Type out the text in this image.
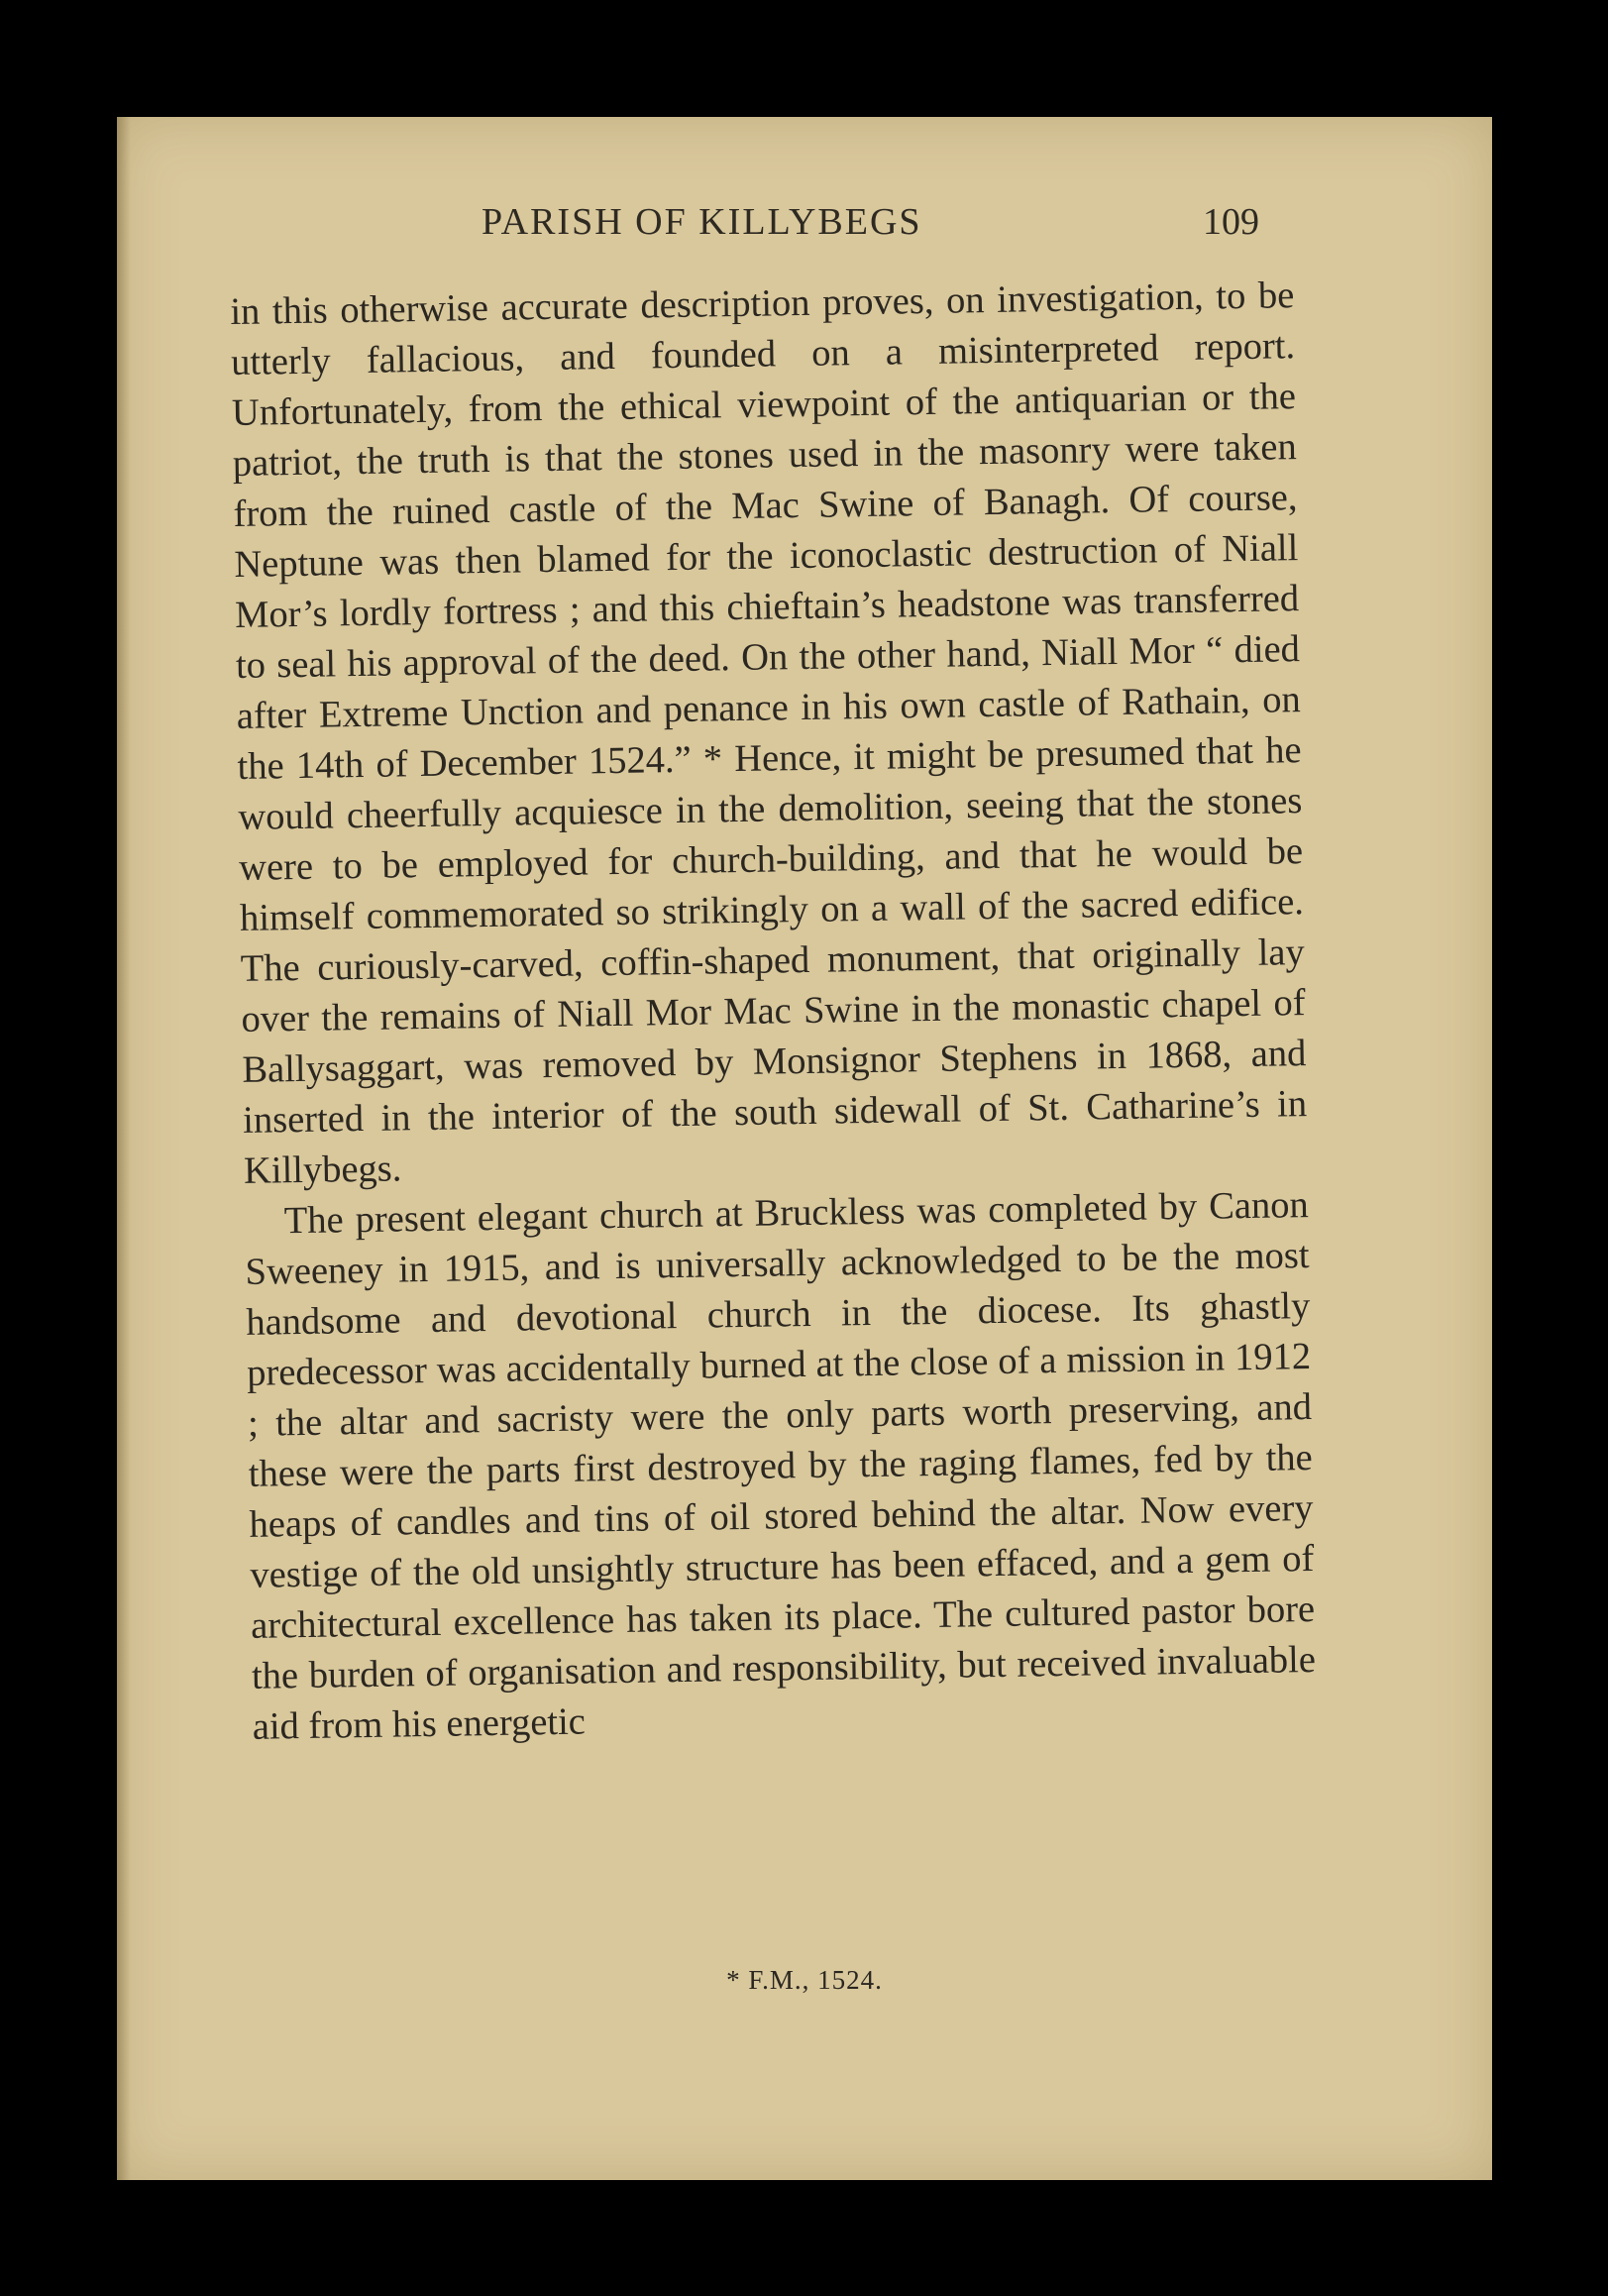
PARISH OF KILLYBEGS	109

in this otherwise accurate description proves, on investigation, to be utterly fallacious, and founded on a misinterpreted report. Unfortunately, from the ethical viewpoint of the antiquarian or the patriot, the truth is that the stones used in the masonry were taken from the ruined castle of the Mac Swine of Banagh. Of course, Neptune was then blamed for the iconoclastic destruction of Niall Mor’s lordly fortress ; and this chieftain’s headstone was transferred to seal his approval of the deed. On the other hand, Niall Mor “ died after Extreme Unction and penance in his own castle of Rathain, on the 14th of December 1524.” * Hence, it might be presumed that he would cheerfully acquiesce in the demolition, seeing that the stones were to be employed for church-building, and that he would be himself commemorated so strikingly on a wall of the sacred edifice. The curiously-carved, coffin-shaped monument, that originally lay over the remains of Niall Mor Mac Swine in the monastic chapel of Ballysaggart, was removed by Monsignor Stephens in 1868, and inserted in the interior of the south sidewall of St. Catharine’s in Killybegs.

The present elegant church at Bruckless was completed by Canon Sweeney in 1915, and is universally acknowledged to be the most handsome and devotional church in the diocese. Its ghastly predecessor was accidentally burned at the close of a mission in 1912 ; the altar and sacristy were the only parts worth preserving, and these were the parts first destroyed by the raging flames, fed by the heaps of candles and tins of oil stored behind the altar. Now every vestige of the old unsightly structure has been effaced, and a gem of architectural excellence has taken its place. The cultured pastor bore the burden of organisation and responsibility, but received invaluable aid from his energetic

* F.M., 1524.
